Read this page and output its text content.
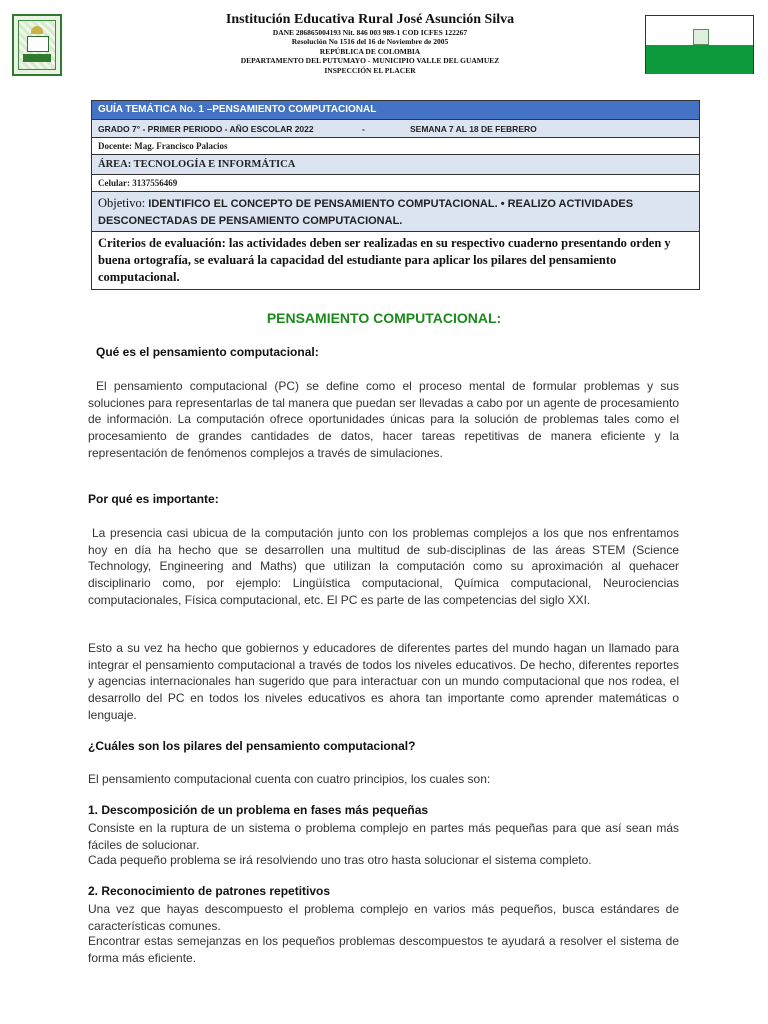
Institución Educativa Rural José Asunción Silva
DANE 286865004193 Nit. 846 003 989-1 COD ICFES 122267
Resolución No 1516 del 16 de Noviembre de 2005
REPÚBLICA DE COLOMBIA
DEPARTAMENTO DEL PUTUMAYO - MUNICIPIO VALLE DEL GUAMUEZ
INSPECCIÓN EL PLACER
GUÍA TEMÁTICA No. 1 –PENSAMIENTO COMPUTACIONAL
GRADO 7° - PRIMER PERIODO - AÑO ESCOLAR 2022	-	SEMANA 7 AL 18 DE FEBRERO
Docente: Mag. Francisco Palacios
ÁREA: TECNOLOGÍA E INFORMÁTICA
Celular: 3137556469
Objetivo: IDENTIFICO EL CONCEPTO DE PENSAMIENTO COMPUTACIONAL. • REALIZO ACTIVIDADES DESCONECTADAS DE PENSAMIENTO COMPUTACIONAL.
Criterios de evaluación: las actividades deben ser realizadas en su respectivo cuaderno presentando orden y buena ortografía, se evaluará la capacidad del estudiante para aplicar los pilares del pensamiento computacional.
PENSAMIENTO COMPUTACIONAL:
Qué es el pensamiento computacional:

El pensamiento computacional (PC) se define como el proceso mental de formular problemas y sus soluciones para representarlas de tal manera que puedan ser llevadas a cabo por un agente de procesamiento de información. La computación ofrece oportunidades únicas para la solución de problemas tales como el procesamiento de grandes cantidades de datos, hacer tareas repetitivas de manera eficiente y la representación de fenómenos complejos a través de simulaciones.

Por qué es importante:

La presencia casi ubicua de la computación junto con los problemas complejos a los que nos enfrentamos hoy en día ha hecho que se desarrollen una multitud de sub-disciplinas de las áreas STEM (Science Technology, Engineering and Maths) que utilizan la computación como su aproximación al quehacer disciplinario como, por ejemplo: Lingüística computacional, Química computacional, Neurociencias computacionales, Física computacional, etc. El PC es parte de las competencias del siglo XXI.

Esto a su vez ha hecho que gobiernos y educadores de diferentes partes del mundo hagan un llamado para integrar el pensamiento computacional a través de todos los niveles educativos. De hecho, diferentes reportes y agencias internacionales han sugerido que para interactuar con un mundo computacional que nos rodea, el desarrollo del PC en todos los niveles educativos es ahora tan importante como aprender matemáticas o lenguaje.

¿Cuáles son los pilares del pensamiento computacional?

El pensamiento computacional cuenta con cuatro principios, los cuales son:

1. Descomposición de un problema en fases más pequeñas

Consiste en la ruptura de un sistema o problema complejo en partes más pequeñas para que así sean más fáciles de solucionar.

Cada pequeño problema se irá resolviendo uno tras otro hasta solucionar el sistema completo.

2. Reconocimiento de patrones repetitivos

Una vez que hayas descompuesto el problema complejo en varios más pequeños, busca estándares de características comunes.

Encontrar estas semejanzas en los pequeños problemas descompuestos te ayudará a resolver el sistema de forma más eficiente.
